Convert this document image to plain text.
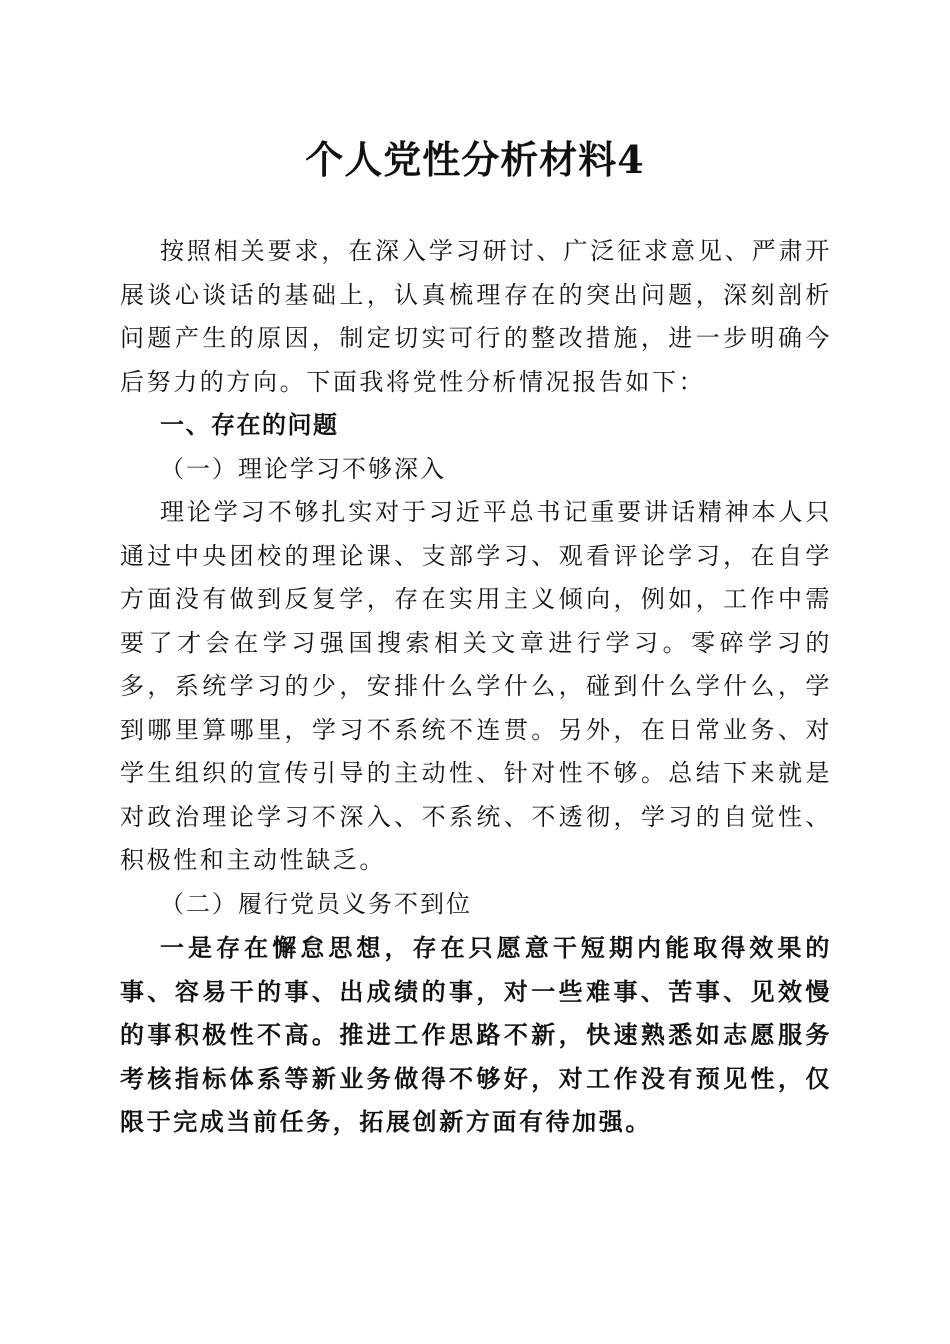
个人党性分析材料4

按照相关要求，在深入学习研讨、广泛征求意见、严肃开展谈心谈话的基础上，认真梳理存在的突出问题，深刻剖析问题产生的原因，制定切实可行的整改措施，进一步明确今后努力的方向。下面我将党性分析情况报告如下：

一、存在的问题

（一）理论学习不够深入

理论学习不够扎实对于习近平总书记重要讲话精神本人只通过中央团校的理论课、支部学习、观看评论学习，在自学方面没有做到反复学，存在实用主义倾向，例如，工作中需要了才会在学习强国搜索相关文章进行学习。零碎学习的多，系统学习的少，安排什么学什么，碰到什么学什么，学到哪里算哪里，学习不系统不连贯。另外，在日常业务、对学生组织的宣传引导的主动性、针对性不够。总结下来就是对政治理论学习不深入、不系统、不透彻，学习的自觉性、积极性和主动性缺乏。

（二）履行党员义务不到位

一是存在懈怠思想，存在只愿意干短期内能取得效果的事、容易干的事、出成绩的事，对一些难事、苦事、见效慢的事积极性不高。推进工作思路不新，快速熟悉如志愿服务考核指标体系等新业务做得不够好，对工作没有预见性，仅限于完成当前任务，拓展创新方面有待加强。
